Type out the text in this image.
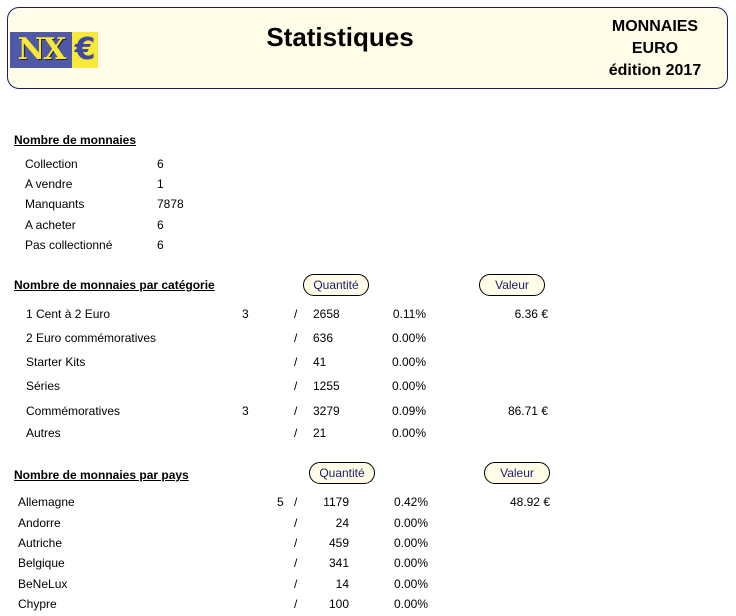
NX €	Statistiques	MONNAIES
EURO
édition 2017
Nombre de monnaies
Collection	6
A vendre	1
Manquants	7878
A acheter	6
Pas collectionné	6
Nombre de monnaies par catégorie	Quantité	Valeur
1 Cent à 2 Euro	3	/ 2658	0.11%	6.36 €
2 Euro commémoratives	/ 636	0.00%
Starter Kits	/ 41	0.00%
Séries	/ 1255	0.00%
Commémoratives	3	/ 3279	0.09%	86.71 €
Autres	/ 21	0.00%
Nombre de monnaies par pays	Quantité	Valeur
Allemagne	5 /	1179	0.42%	48.92 €
Andorre	/	24	0.00%
Autriche	/	459	0.00%
Belgique	/	341	0.00%
BeNeLux	/	14	0.00%
Chypre	/	100	0.00%
